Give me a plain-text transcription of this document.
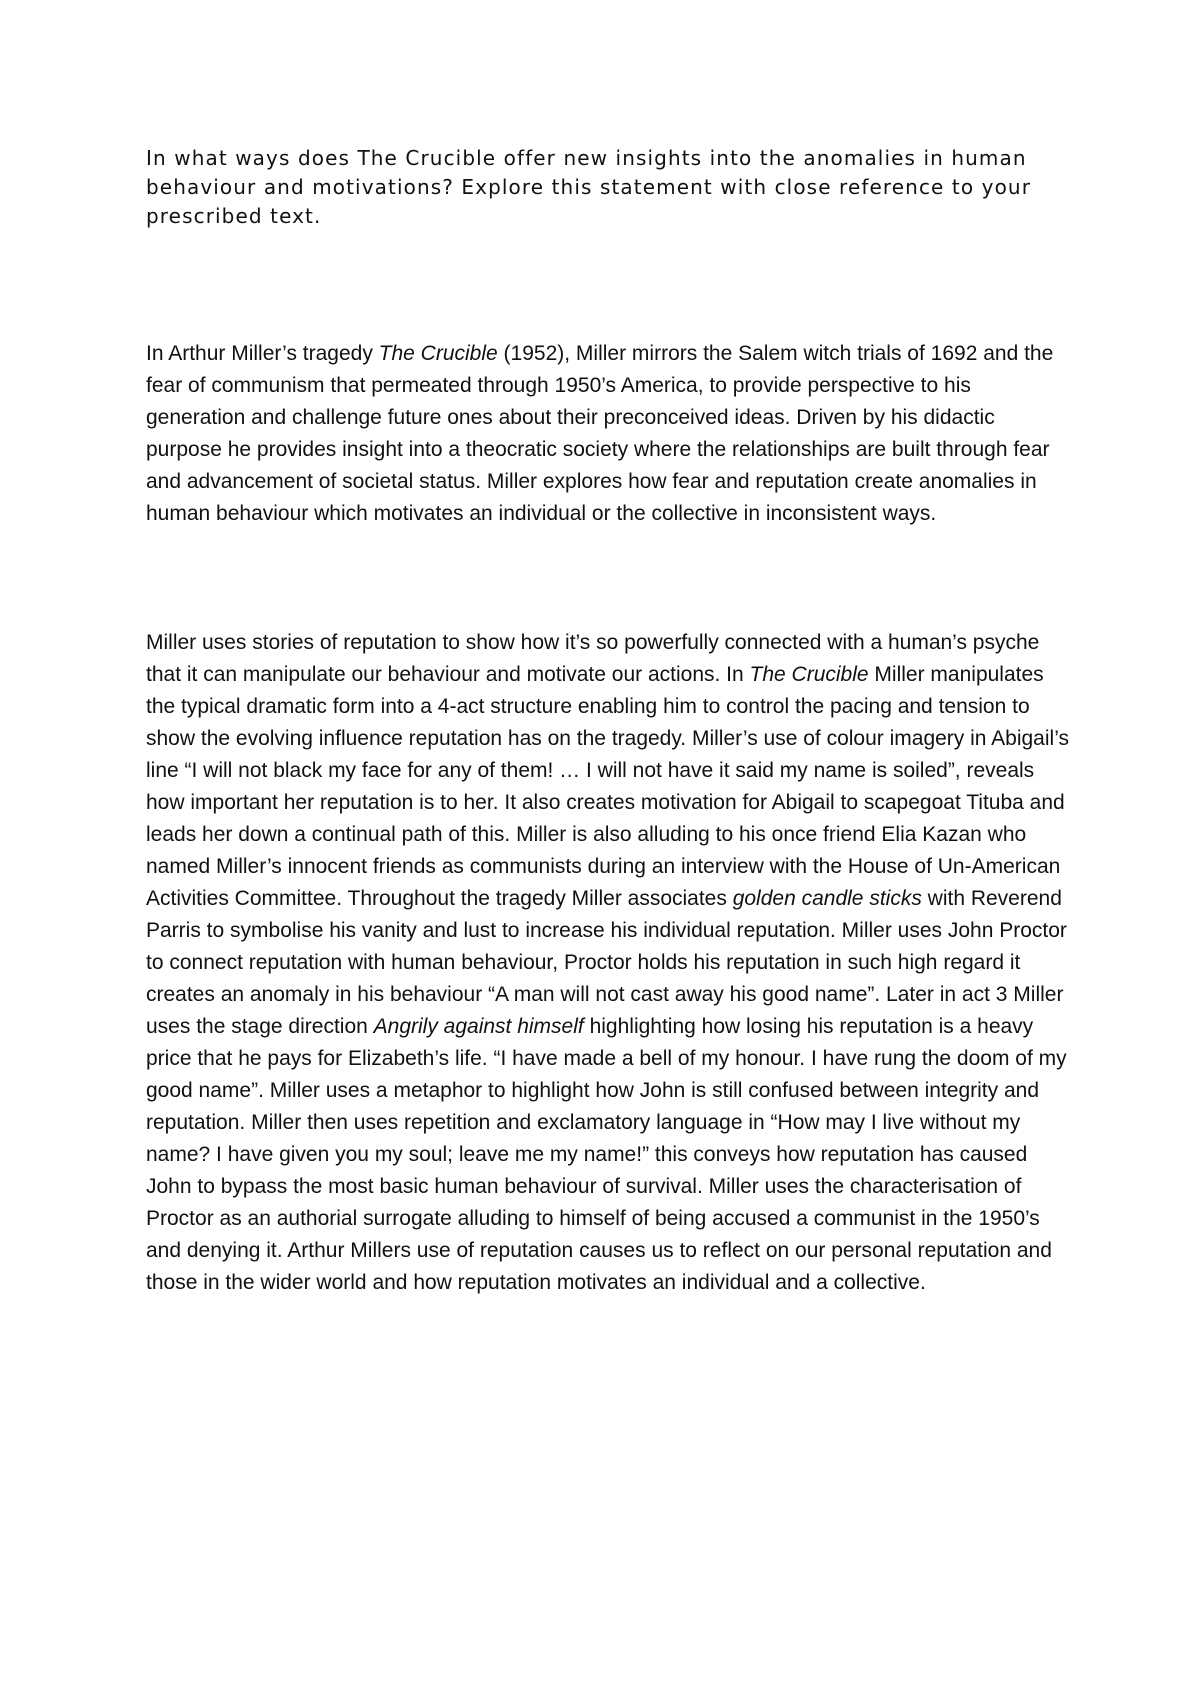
In what ways does The Crucible offer new insights into the anomalies in human behaviour and motivations? Explore this statement with close reference to your prescribed text.

In Arthur Miller’s tragedy The Crucible (1952), Miller mirrors the Salem witch trials of 1692 and the fear of communism that permeated through 1950’s America, to provide perspective to his generation and challenge future ones about their preconceived ideas. Driven by his didactic purpose he provides insight into a theocratic society where the relationships are built through fear and advancement of societal status. Miller explores how fear and reputation create anomalies in human behaviour which motivates an individual or the collective in inconsistent ways.

Miller uses stories of reputation to show how it’s so powerfully connected with a human’s psyche that it can manipulate our behaviour and motivate our actions. In The Crucible Miller manipulates the typical dramatic form into a 4-act structure enabling him to control the pacing and tension to show the evolving influence reputation has on the tragedy. Miller’s use of colour imagery in Abigail’s line “I will not black my face for any of them! … I will not have it said my name is soiled”, reveals how important her reputation is to her. It also creates motivation for Abigail to scapegoat Tituba and leads her down a continual path of this. Miller is also alluding to his once friend Elia Kazan who named Miller’s innocent friends as communists during an interview with the House of Un-American Activities Committee. Throughout the tragedy Miller associates golden candle sticks with Reverend Parris to symbolise his vanity and lust to increase his individual reputation. Miller uses John Proctor to connect reputation with human behaviour, Proctor holds his reputation in such high regard it creates an anomaly in his behaviour “A man will not cast away his good name”. Later in act 3 Miller uses the stage direction Angrily against himself highlighting how losing his reputation is a heavy price that he pays for Elizabeth’s life. “I have made a bell of my honour. I have rung the doom of my good name”. Miller uses a metaphor to highlight how John is still confused between integrity and reputation. Miller then uses repetition and exclamatory language in “How may I live without my name? I have given you my soul; leave me my name!” this conveys how reputation has caused John to bypass the most basic human behaviour of survival. Miller uses the characterisation of Proctor as an authorial surrogate alluding to himself of being accused a communist in the 1950’s and denying it. Arthur Millers use of reputation causes us to reflect on our personal reputation and those in the wider world and how reputation motivates an individual and a collective.
